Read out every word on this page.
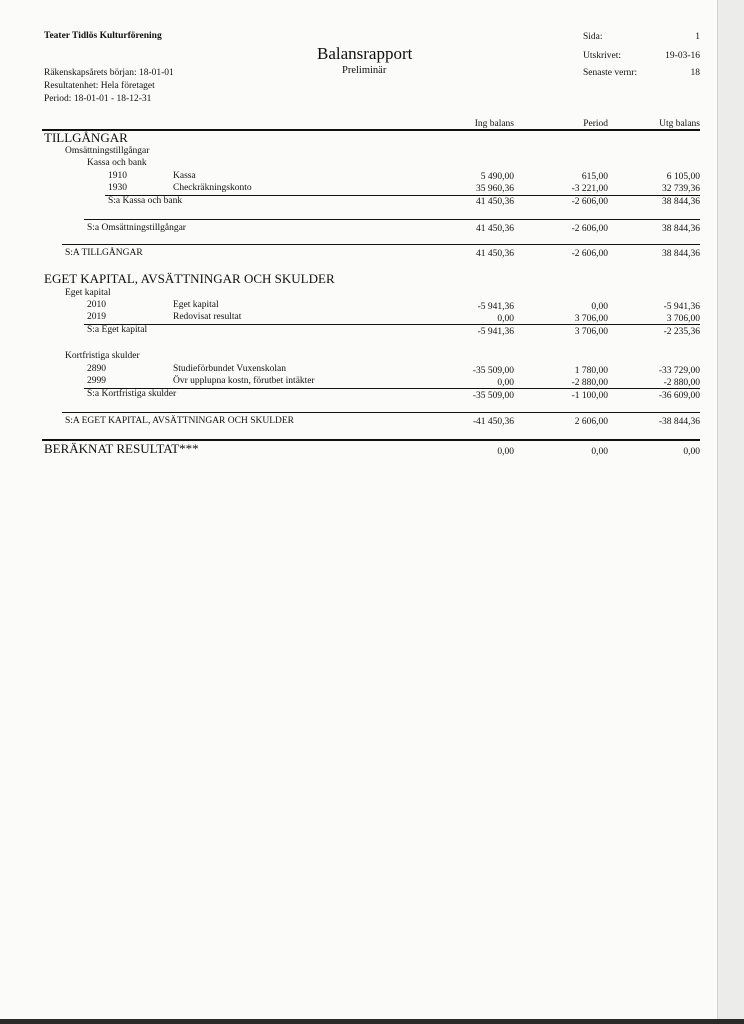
Teater Tidlös Kulturförening
Balansrapport
Preliminär
Räkenskapsårets början: 18-01-01
Resultatenhet: Hela företaget
Period: 18-01-01 - 18-12-31
Sida:	1
Utskrivet:	19-03-16
Senaste vernr:	18
Ing balans	Period	Utg balans
TILLGÅNGAR
Omsättningstillgångar
Kassa och bank
1910	Kassa	5 490,00	615,00	6 105,00
1930	Checkräkningskonto	35 960,36	-3 221,00	32 739,36
S:a Kassa och bank	41 450,36	-2 606,00	38 844,36
S:a Omsättningstillgångar	41 450,36	-2 606,00	38 844,36
S:A TILLGÅNGAR	41 450,36	-2 606,00	38 844,36
EGET KAPITAL, AVSÄTTNINGAR OCH SKULDER
Eget kapital
2010	Eget kapital	-5 941,36	0,00	-5 941,36
2019	Redovisat resultat	0,00	3 706,00	3 706,00
S:a Eget kapital	-5 941,36	3 706,00	-2 235,36
Kortfristiga skulder
2890	Studieförbundet Vuxenskolan	-35 509,00	1 780,00	-33 729,00
2999	Övr upplupna kostn, förutbet intäkter	0,00	-2 880,00	-2 880,00
S:a Kortfristiga skulder	-35 509,00	-1 100,00	-36 609,00
S:A EGET KAPITAL, AVSÄTTNINGAR OCH SKULDER	-41 450,36	2 606,00	-38 844,36
BERÄKNAT RESULTAT***	0,00	0,00	0,00
